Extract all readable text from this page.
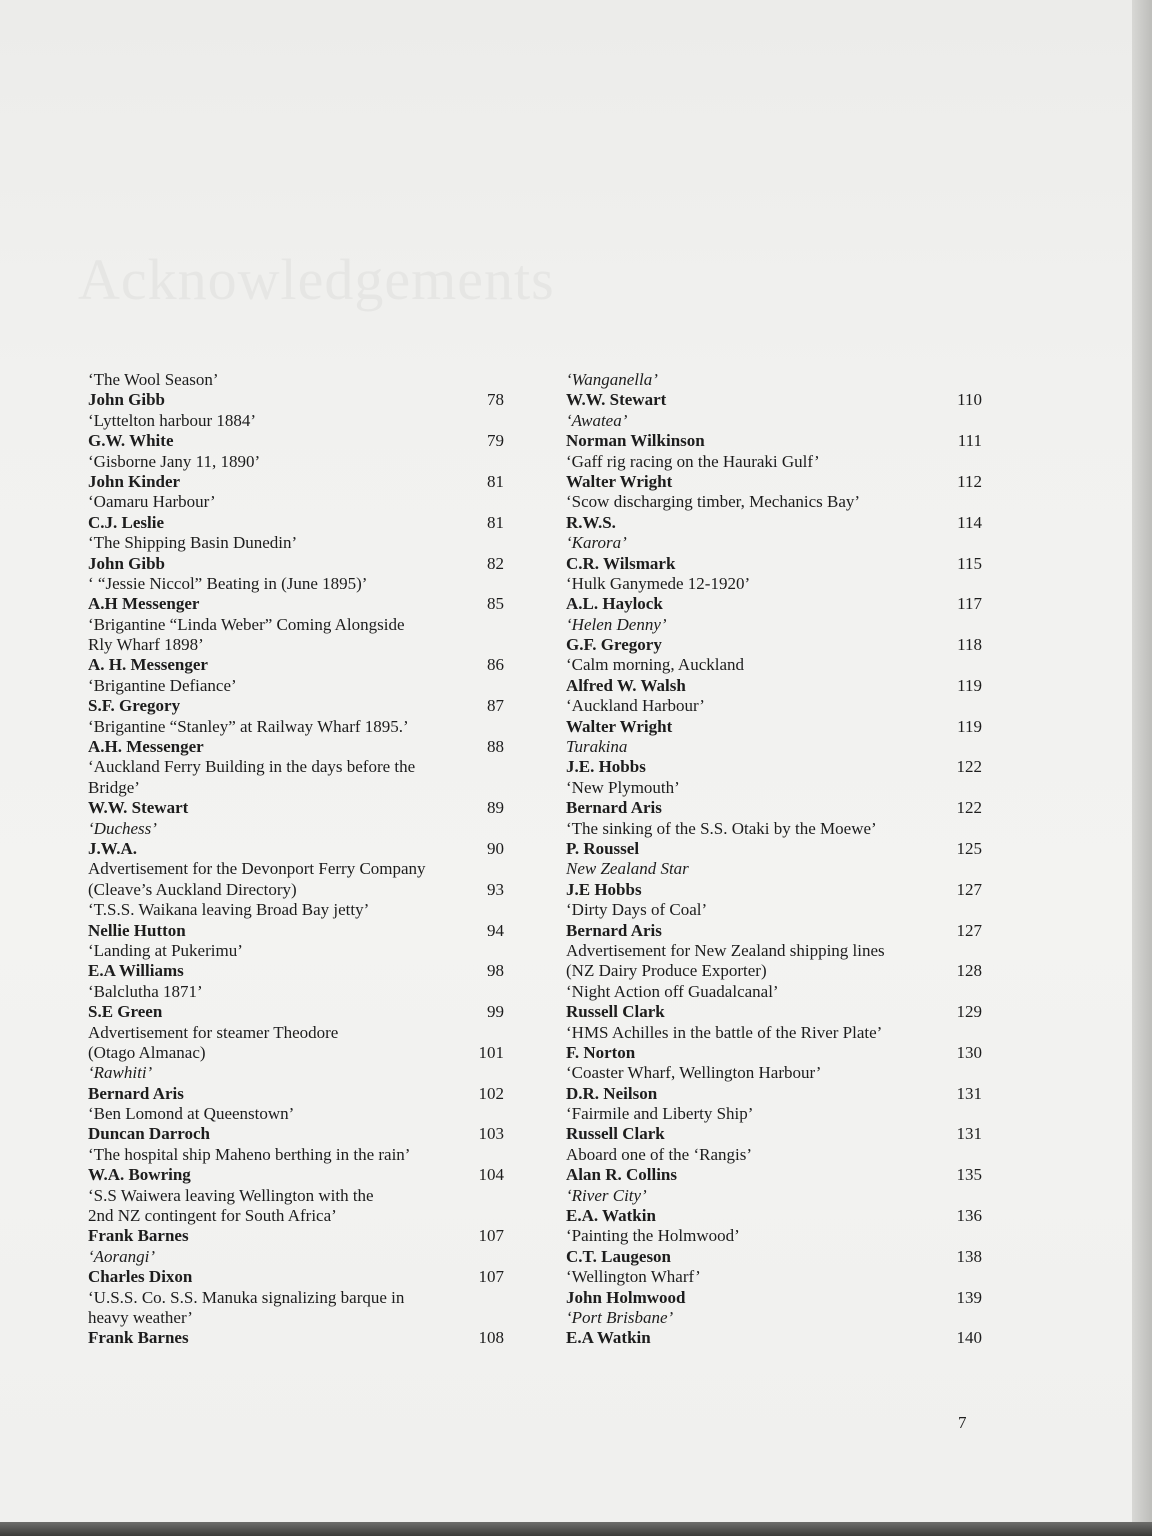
Acknowledgements
‘The Wool Season’
John Gibb	78
‘Lyttelton harbour 1884’
G.W. White	79
‘Gisborne Jany 11, 1890’
John Kinder	81
‘Oamaru Harbour’
C.J. Leslie	81
‘The Shipping Basin Dunedin’
John Gibb	82
‘ “Jessie Niccol” Beating in (June 1895)’
A.H Messenger	85
‘Brigantine “Linda Weber” Coming Alongside
Rly Wharf 1898’
A. H. Messenger	86
‘Brigantine Defiance’
S.F. Gregory	87
‘Brigantine “Stanley” at Railway Wharf 1895.’
A.H. Messenger	88
‘Auckland Ferry Building in the days before the
Bridge’
W.W. Stewart	89
‘Duchess’
J.W.A.	90
Advertisement for the Devonport Ferry Company
(Cleave’s Auckland Directory)	93
‘T.S.S. Waikana leaving Broad Bay jetty’
Nellie Hutton	94
‘Landing at Pukerimu’
E.A Williams	98
‘Balclutha 1871’
S.E Green	99
Advertisement for steamer Theodore
(Otago Almanac)	101
‘Rawhiti’
Bernard Aris	102
‘Ben Lomond at Queenstown’
Duncan Darroch	103
‘The hospital ship Maheno berthing in the rain’
W.A. Bowring	104
‘S.S Waiwera leaving Wellington with the
2nd NZ contingent for South Africa’
Frank Barnes	107
‘Aorangi’
Charles Dixon	107
‘U.S.S. Co. S.S. Manuka signalizing barque in
heavy weather’
Frank Barnes	108
‘Wanganella’
W.W. Stewart	110
‘Awatea’
Norman Wilkinson	111
‘Gaff rig racing on the Hauraki Gulf’
Walter Wright	112
‘Scow discharging timber, Mechanics Bay’
R.W.S.	114
‘Karora’
C.R. Wilsmark	115
‘Hulk Ganymede 12-1920’
A.L. Haylock	117
‘Helen Denny’
G.F. Gregory	118
‘Calm morning, Auckland
Alfred W. Walsh	119
‘Auckland Harbour’
Walter Wright	119
Turakina
J.E. Hobbs	122
‘New Plymouth’
Bernard Aris	122
‘The sinking of the S.S. Otaki by the Moewe’
P. Roussel	125
New Zealand Star
J.E Hobbs	127
‘Dirty Days of Coal’
Bernard Aris	127
Advertisement for New Zealand shipping lines
(NZ Dairy Produce Exporter)	128
‘Night Action off Guadalcanal’
Russell Clark	129
‘HMS Achilles in the battle of the River Plate’
F. Norton	130
‘Coaster Wharf, Wellington Harbour’
D.R. Neilson	131
‘Fairmile and Liberty Ship’
Russell Clark	131
Aboard one of the ‘Rangis’
Alan R. Collins	135
‘River City’
E.A. Watkin	136
‘Painting the Holmwood’
C.T. Laugeson	138
‘Wellington Wharf’
John Holmwood	139
‘Port Brisbane’
E.A Watkin	140
7
